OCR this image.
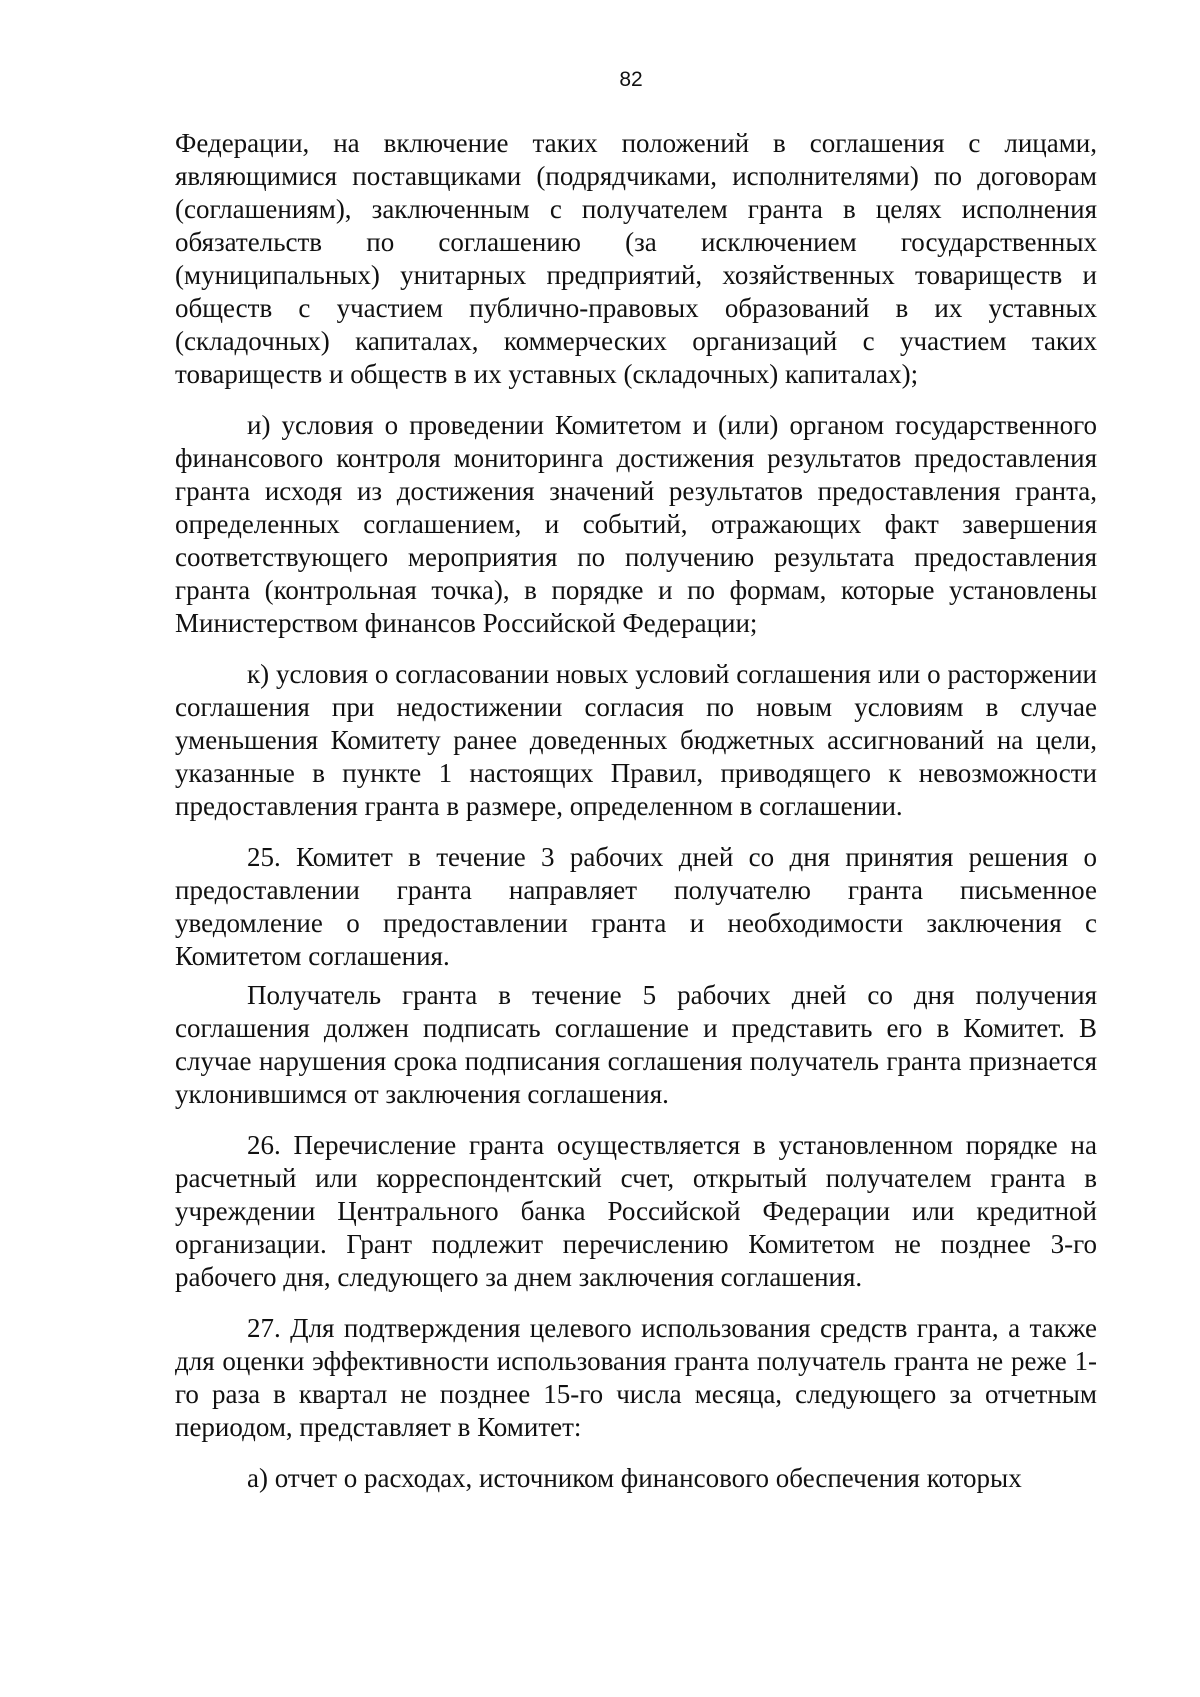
82

Федерации, на включение таких положений в соглашения с лицами, являющимися поставщиками (подрядчиками, исполнителями) по договорам (соглашениям), заключенным с получателем гранта в целях исполнения обязательств по соглашению (за исключением государственных (муниципальных) унитарных предприятий, хозяйственных товариществ и обществ с участием публично-правовых образований в их уставных (складочных) капиталах, коммерческих организаций с участием таких товариществ и обществ в их уставных (складочных) капиталах);

и) условия о проведении Комитетом и (или) органом государственного финансового контроля мониторинга достижения результатов предоставления гранта исходя из достижения значений результатов предоставления гранта, определенных соглашением, и событий, отражающих факт завершения соответствующего мероприятия по получению результата предоставления гранта (контрольная точка), в порядке и по формам, которые установлены Министерством финансов Российской Федерации;

к) условия о согласовании новых условий соглашения или о расторжении соглашения при недостижении согласия по новым условиям в случае уменьшения Комитету ранее доведенных бюджетных ассигнований на цели, указанные в пункте 1 настоящих Правил, приводящего к невозможности предоставления гранта в размере, определенном в соглашении.

25. Комитет в течение 3 рабочих дней со дня принятия решения о предоставлении гранта направляет получателю гранта письменное уведомление о предоставлении гранта и необходимости заключения с Комитетом соглашения.

Получатель гранта в течение 5 рабочих дней со дня получения соглашения должен подписать соглашение и представить его в Комитет. В случае нарушения срока подписания соглашения получатель гранта признается уклонившимся от заключения соглашения.

26. Перечисление гранта осуществляется в установленном порядке на расчетный или корреспондентский счет, открытый получателем гранта в учреждении Центрального банка Российской Федерации или кредитной организации. Грант подлежит перечислению Комитетом не позднее 3-го рабочего дня, следующего за днем заключения соглашения.

27. Для подтверждения целевого использования средств гранта, а также для оценки эффективности использования гранта получатель гранта не реже 1-го раза в квартал не позднее 15-го числа месяца, следующего за отчетным периодом, представляет в Комитет:

а) отчет о расходах, источником финансового обеспечения которых
